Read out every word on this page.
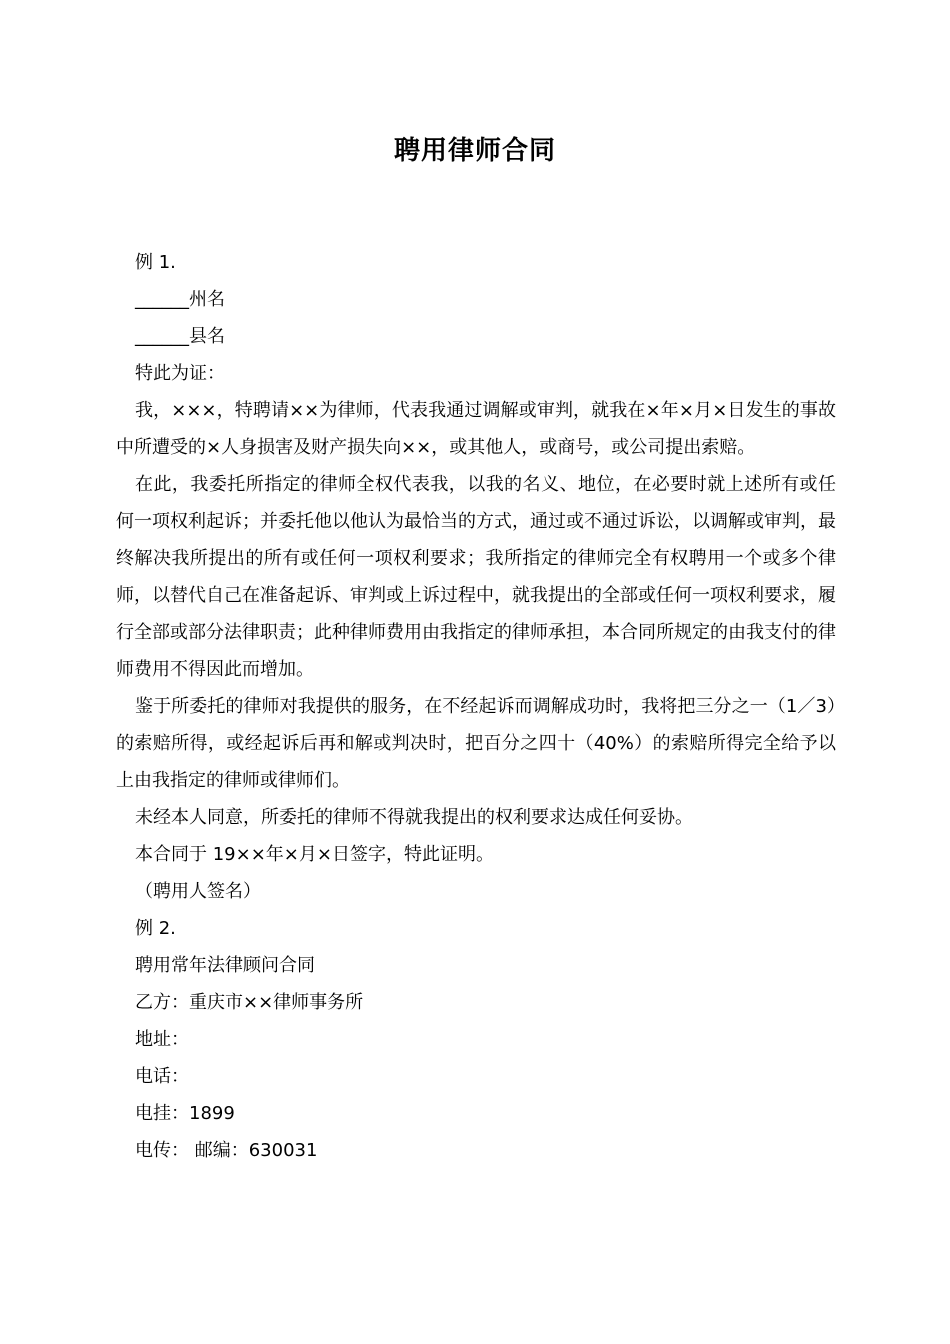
聘用律师合同

例 1.

______州名

______县名

特此为证：

我，×××，特聘请××为律师，代表我通过调解或审判，就我在×年×月×日发生的事故中所遭受的×人身损害及财产损失向××，或其他人，或商号，或公司提出索赔。

在此，我委托所指定的律师全权代表我，以我的名义、地位，在必要时就上述所有或任何一项权利起诉；并委托他以他认为最恰当的方式，通过或不通过诉讼，以调解或审判，最终解决我所提出的所有或任何一项权利要求；我所指定的律师完全有权聘用一个或多个律师，以替代自己在准备起诉、审判或上诉过程中，就我提出的全部或任何一项权利要求，履行全部或部分法律职责；此种律师费用由我指定的律师承担，本合同所规定的由我支付的律师费用不得因此而增加。

鉴于所委托的律师对我提供的服务，在不经起诉而调解成功时，我将把三分之一（1／3）的索赔所得，或经起诉后再和解或判决时，把百分之四十（40%）的索赔所得完全给予以上由我指定的律师或律师们。

未经本人同意，所委托的律师不得就我提出的权利要求达成任何妥协。

本合同于 19××年×月×日签字，特此证明。

（聘用人签名）

例 2.

聘用常年法律顾问合同

乙方：重庆市××律师事务所

地址：

电话：

电挂：1899

电传： 邮编：630031
